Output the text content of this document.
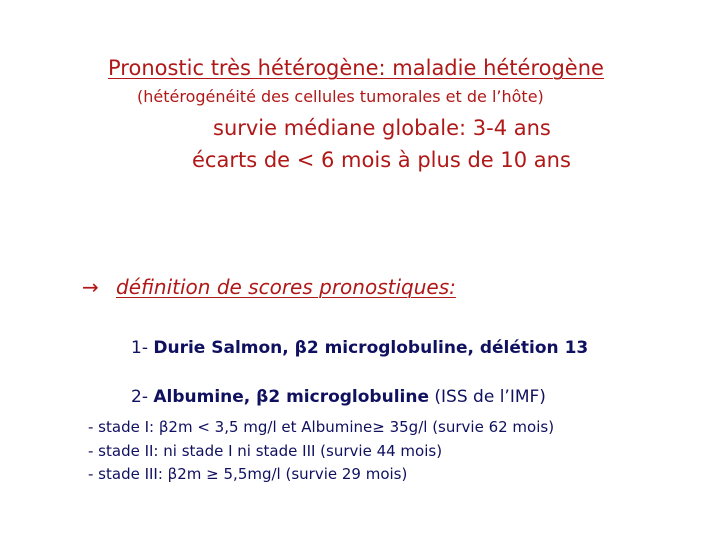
Pronostic très hétérogène: maladie hétérogène
(hétérogénéité des cellules tumorales et de l’hôte)
survie médiane globale: 3-4 ans
écarts de < 6 mois à plus de 10 ans
→ définition de scores pronostiques:
1- Durie Salmon, β2 microglobuline, délétion 13
2- Albumine, β2 microglobuline (ISS de l’IMF)
- stade I: β2m < 3,5 mg/l et Albumine≥ 35g/l (survie 62 mois)
- stade II: ni stade I ni stade III (survie 44 mois)
- stade III: β2m ≥ 5,5mg/l (survie 29 mois)
